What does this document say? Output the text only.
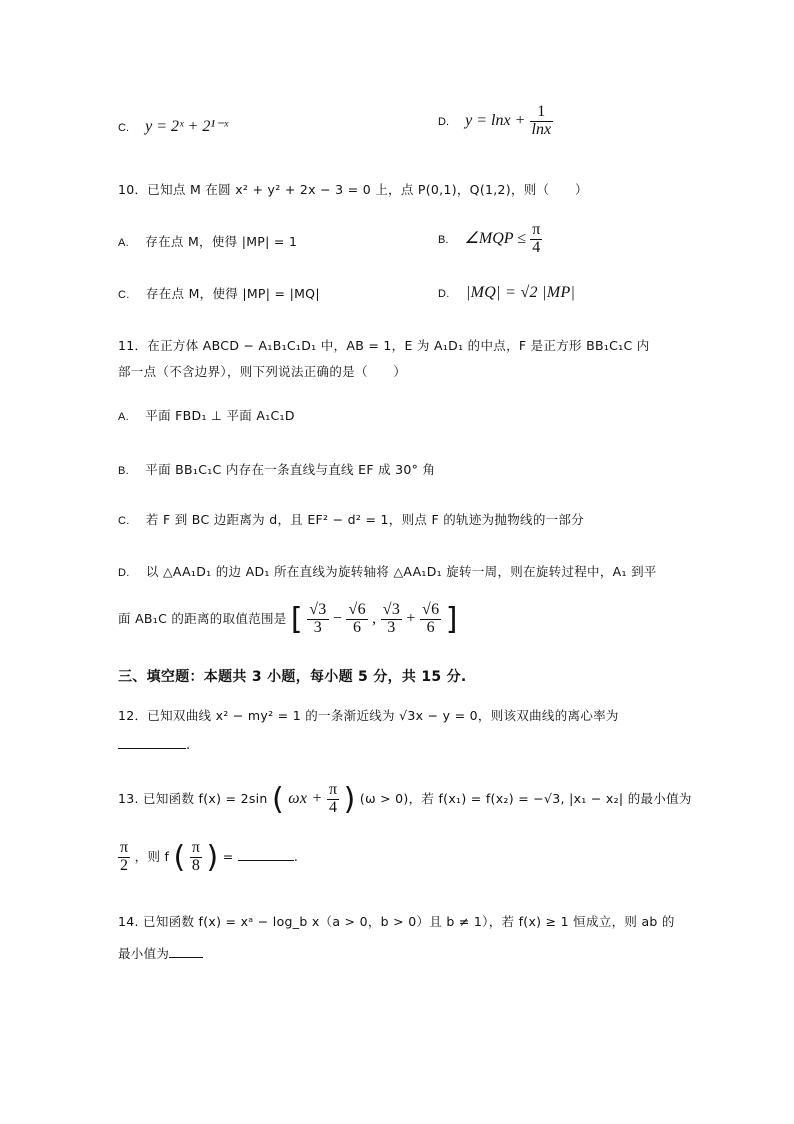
C. y = 2ˣ + 2¹⁻ˣ	D. $y = \ln x + \frac{1}{\ln x}$
10．已知点 M 在圆 x² + y² + 2x − 3 = 0 上，点 P(0,1)，Q(1,2)，则（　　）
A. 存在点 M，使得 |MP| = 1	B. ∠MQP ≤ $\frac{\pi}{4}$
C. 存在点 M，使得 |MP| = |MQ|	D. |MQ| = √2 |MP|
11．在正方体 ABCD − A₁B₁C₁D₁ 中，AB = 1，E 为 A₁D₁ 的中点，F 是正方形 BB₁C₁C 内
部一点（不含边界），则下列说法正确的是（　　）
A. 平面 FBD₁ ⊥ 平面 A₁C₁D
B. 平面 BB₁C₁C 内存在一条直线与直线 EF 成 30° 角
C. 若 F 到 BC 边距离为 d，且 EF² − d² = 1，则点 F 的轨迹为抛物线的一部分
D. 以 △AA₁D₁ 的边 AD₁ 所在直线为旋转轴将 △AA₁D₁ 旋转一周，则在旋转过程中，A₁ 到平
面 AB₁C 的距离的取值范围是 [ $\frac{√3}{3} - \frac{√6}{6}$ , $\frac{√3}{3} + \frac{√6}{6}$ ]
三、填空题：本题共 3 小题，每小题 5 分，共 15 分.
12．已知双曲线 x² − my² = 1 的一条渐近线为 √3x − y = 0，则该双曲线的离心率为
.
13. 已知函数 f(x) = 2sin ( $\omega x + \frac{\pi}{4}$ ) (ω > 0)，若 f(x₁) = f(x₂) = −√3, |x₁ − x₂| 的最小值为
$\frac{\pi}{2}$ ，则 f ( $\frac{\pi}{8}$ ) =	.
14. 已知函数 f(x) = xᵃ − log_b x（a > 0，b > 0）且 b ≠ 1），若 f(x) ≥ 1 恒成立，则 ab 的
最小值为
